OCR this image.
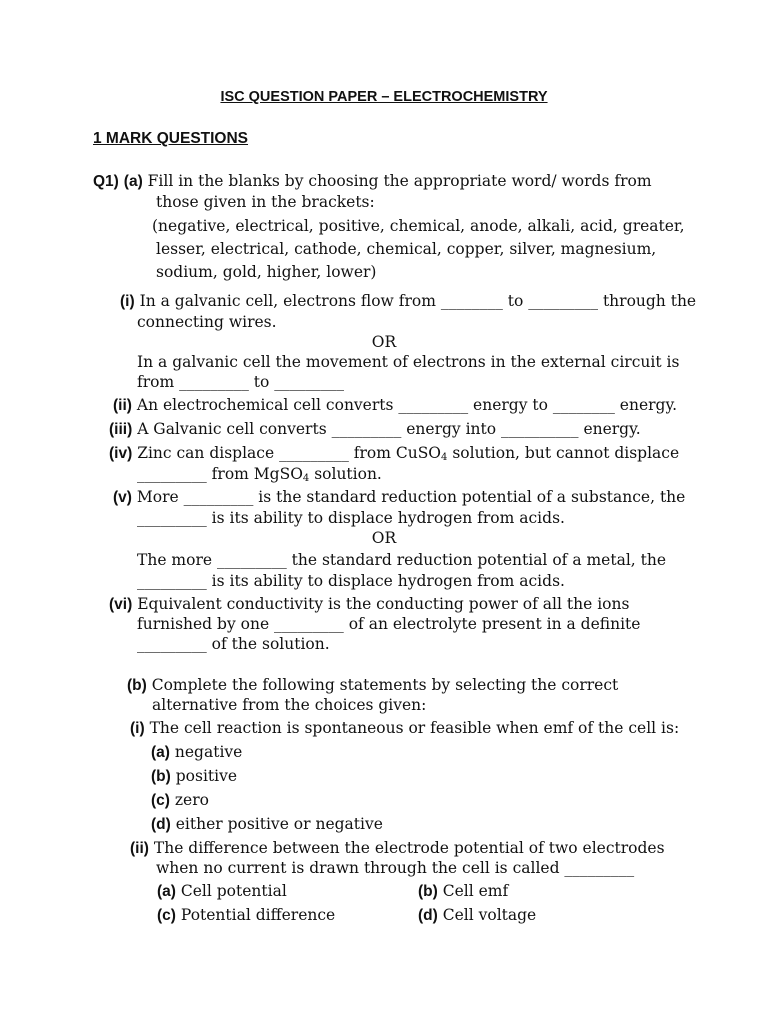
ISC QUESTION PAPER – ELECTROCHEMISTRY
1 MARK QUESTIONS
Q1) (a) Fill in the blanks by choosing the appropriate word/ words from
those given in the brackets:
(negative, electrical, positive, chemical, anode, alkali, acid, greater,
lesser, electrical, cathode, chemical, copper, silver, magnesium,
sodium, gold, higher, lower)
(i) In a galvanic cell, electrons flow from ________ to _________ through the
connecting wires.
OR
In a galvanic cell the movement of electrons in the external circuit is
from _________ to _________
(ii) An electrochemical cell converts _________ energy to ________ energy.
(iii) A Galvanic cell converts _________ energy into __________ energy.
(iv) Zinc can displace _________ from CuSO$_4$ solution, but cannot displace
_________ from MgSO$_4$ solution.
(v) More _________ is the standard reduction potential of a substance, the
_________ is its ability to displace hydrogen from acids.
OR
The more _________ the standard reduction potential of a metal, the
_________ is its ability to displace hydrogen from acids.
(vi) Equivalent conductivity is the conducting power of all the ions
furnished by one _________ of an electrolyte present in a definite
_________ of the solution.
(b) Complete the following statements by selecting the correct
alternative from the choices given:
(i) The cell reaction is spontaneous or feasible when emf of the cell is:
(a) negative
(b) positive
(c) zero
(d) either positive or negative
(ii) The difference between the electrode potential of two electrodes
when no current is drawn through the cell is called _________
(a) Cell potential	(b) Cell emf
(c) Potential difference	(d) Cell voltage
